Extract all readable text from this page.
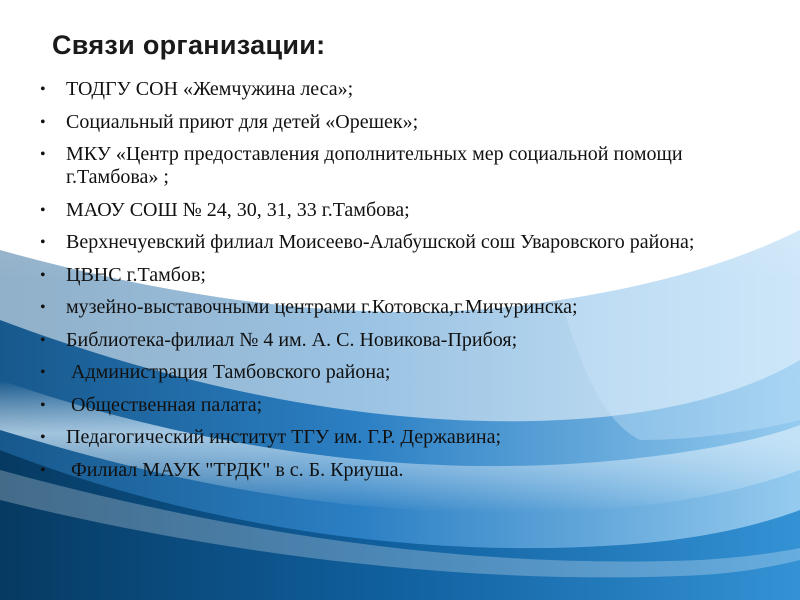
Связи организации:
•	ТОДГУ СОН «Жемчужина леса»;
•	Социальный приют для детей «Орешек»;
•	МКУ «Центр предоставления дополнительных мер социальной помощи г.Тамбова» ;
•	МАОУ СОШ № 24, 30, 31, 33 г.Тамбова;
•	Верхнечуевский филиал Моисеево-Алабушской сош Уваровского района;
•	ЦВНС г.Тамбов;
•	музейно-выставочными центрами г.Котовска,г.Мичуринска;
•	Библиотека-филиал № 4 им. А. С. Новикова-Прибоя;
•	Администрация Тамбовского района;
•	Общественная палата;
•	Педагогический институт ТГУ им. Г.Р. Державина;
•	Филиал МАУК "ТРДК" в с. Б. Криуша.
